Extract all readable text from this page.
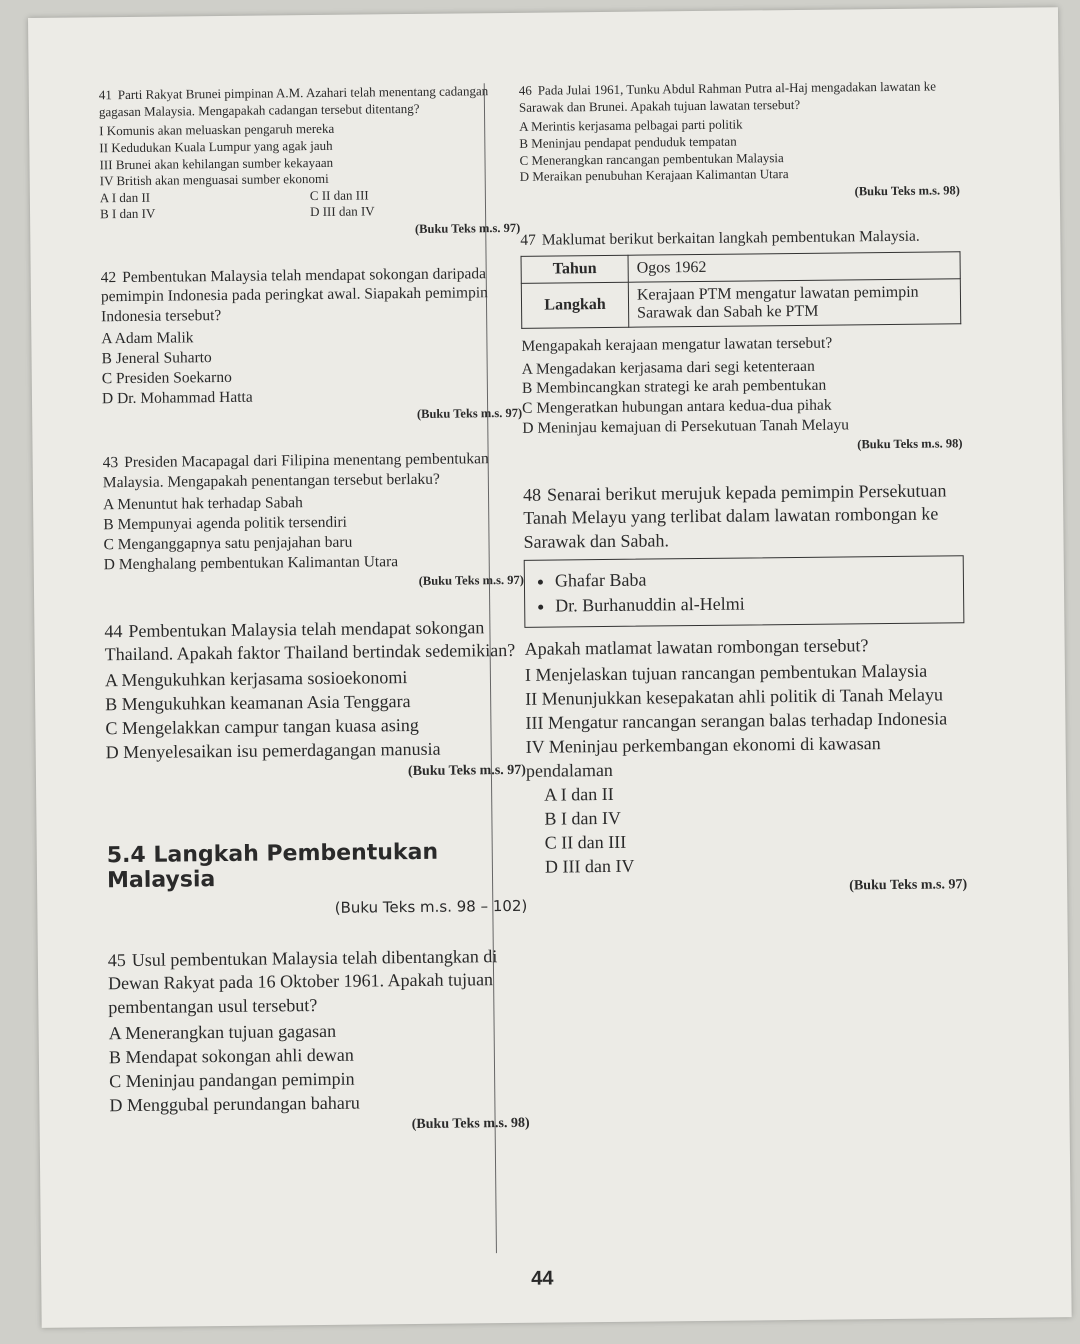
41 Parti Rakyat Brunei pimpinan A.M. Azahari telah menentang cadangan gagasan Malaysia. Mengapakah cadangan tersebut ditentang?

I Komunis akan meluaskan pengaruh mereka
II Kedudukan Kuala Lumpur yang agak jauh
III Brunei akan kehilangan sumber kekayaan
IV British akan menguasai sumber ekonomi
A I dan II	C II dan III
B I dan IV	D III dan IV
(Buku Teks m.s. 97)

42 Pembentukan Malaysia telah mendapat sokongan daripada pemimpin Indonesia pada peringkat awal. Siapakah pemimpin Indonesia tersebut?

A Adam Malik
B Jeneral Suharto
C Presiden Soekarno
D Dr. Mohammad Hatta
(Buku Teks m.s. 97)

43 Presiden Macapagal dari Filipina menentang pembentukan Malaysia. Mengapakah penentangan tersebut berlaku?

A Menuntut hak terhadap Sabah
B Mempunyai agenda politik tersendiri
C Menganggapnya satu penjajahan baru
D Menghalang pembentukan Kalimantan Utara
(Buku Teks m.s. 97)

44 Pembentukan Malaysia telah mendapat sokongan Thailand. Apakah faktor Thailand bertindak sedemikian?

A Mengukuhkan kerjasama sosioekonomi
B Mengukuhkan keamanan Asia Tenggara
C Mengelakkan campur tangan kuasa asing
D Menyelesaikan isu pemerdagangan manusia
(Buku Teks m.s. 97)
5.4 Langkah Pembentukan Malaysia
(Buku Teks m.s. 98 – 102)

45 Usul pembentukan Malaysia telah dibentangkan di Dewan Rakyat pada 16 Oktober 1961. Apakah tujuan pembentangan usul tersebut?

A Menerangkan tujuan gagasan
B Mendapat sokongan ahli dewan
C Meninjau pandangan pemimpin
D Menggubal perundangan baharu
(Buku Teks m.s. 98)

46 Pada Julai 1961, Tunku Abdul Rahman Putra al-Haj mengadakan lawatan ke Sarawak dan Brunei. Apakah tujuan lawatan tersebut?

A Merintis kerjasama pelbagai parti politik
B Meninjau pendapat penduduk tempatan
C Menerangkan rancangan pembentukan Malaysia
D Meraikan penubuhan Kerajaan Kalimantan Utara
(Buku Teks m.s. 98)

47 Maklumat berikut berkaitan langkah pembentukan Malaysia.

Tahun	Ogos 1962
Langkah	Kerajaan PTM mengatur lawatan pemimpin Sarawak dan Sabah ke PTM

Mengapakah kerajaan mengatur lawatan tersebut?

A Mengadakan kerjasama dari segi ketenteraan
B Membincangkan strategi ke arah pembentukan
C Mengeratkan hubungan antara kedua-dua pihak
D Meninjau kemajuan di Persekutuan Tanah Melayu
(Buku Teks m.s. 98)

48 Senarai berikut merujuk kepada pemimpin Persekutuan Tanah Melayu yang terlibat dalam lawatan rombongan ke Sarawak dan Sabah.

• Ghafar Baba
• Dr. Burhanuddin al-Helmi

Apakah matlamat lawatan rombongan tersebut?

I Menjelaskan tujuan rancangan pembentukan Malaysia
II Menunjukkan kesepakatan ahli politik di Tanah Melayu
III Mengatur rancangan serangan balas terhadap Indonesia
IV Meninjau perkembangan ekonomi di kawasan pendalaman
A I dan II
B I dan IV
C II dan III
D III dan IV
(Buku Teks m.s. 97)
44
